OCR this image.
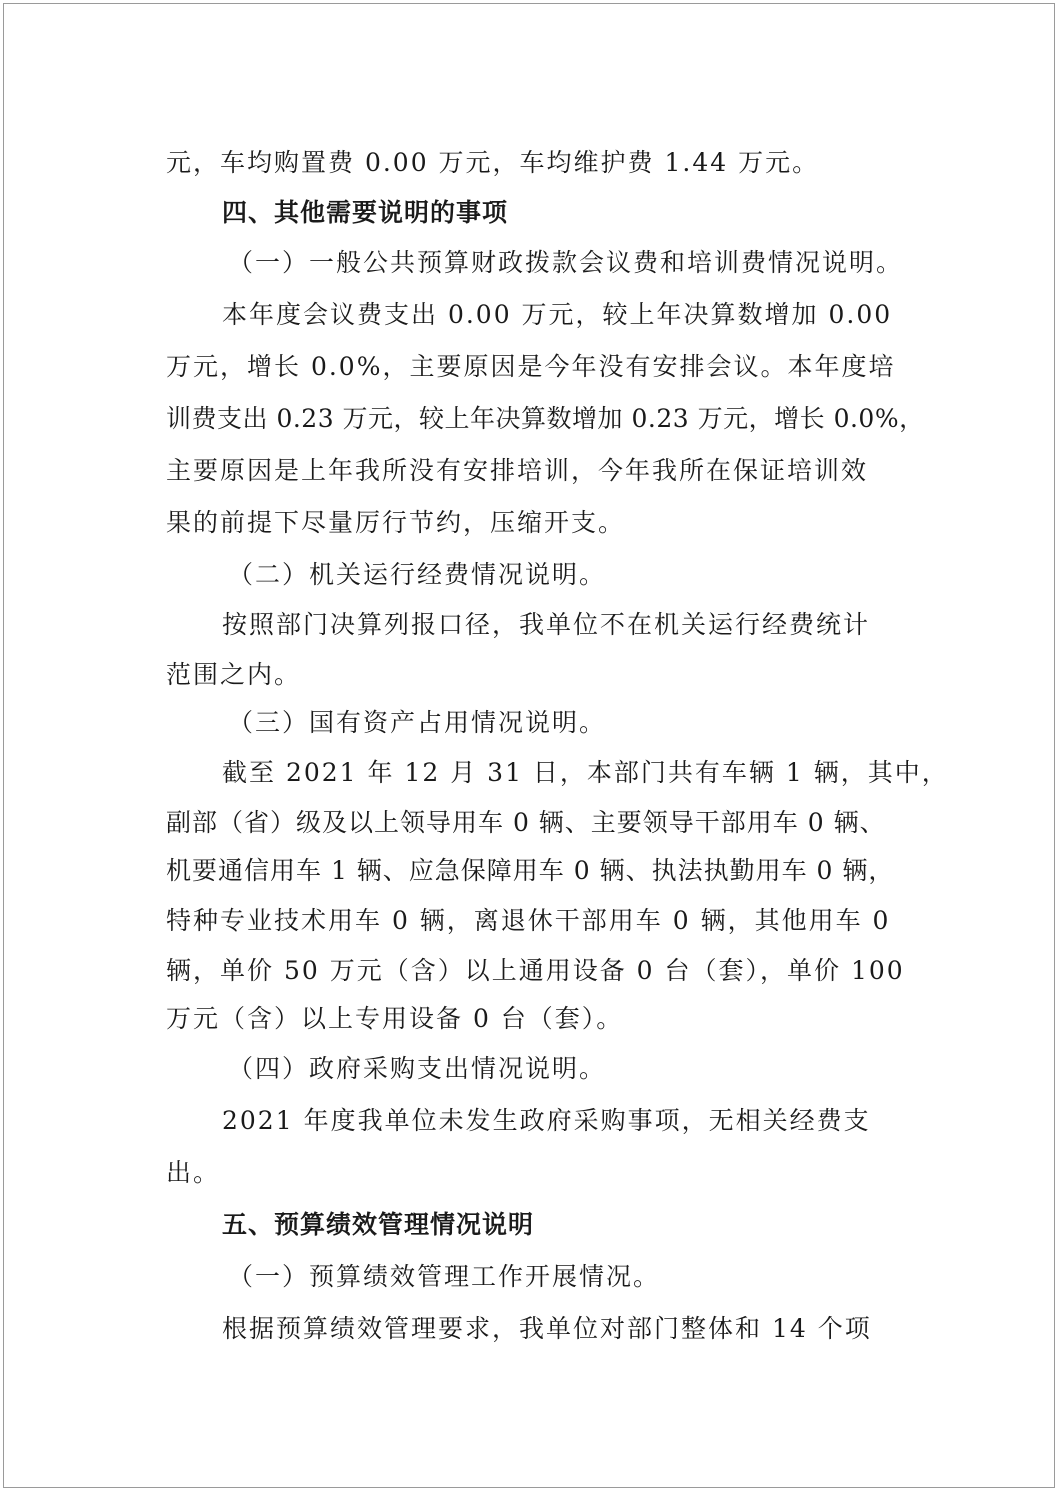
元，车均购置费 0.00 万元，车均维护费 1.44 万元。
四、其他需要说明的事项
（一）一般公共预算财政拨款会议费和培训费情况说明。
本年度会议费支出 0.00 万元，较上年决算数增加 0.00
万元，增长 0.0%，主要原因是今年没有安排会议。本年度培
训费支出 0.23 万元，较上年决算数增加 0.23 万元，增长 0.0%，
主要原因是上年我所没有安排培训，今年我所在保证培训效
果的前提下尽量厉行节约，压缩开支。
（二）机关运行经费情况说明。
按照部门决算列报口径，我单位不在机关运行经费统计
范围之内。
（三）国有资产占用情况说明。
截至 2021 年 12 月 31 日，本部门共有车辆 1 辆，其中，
副部（省）级及以上领导用车 0 辆、主要领导干部用车 0 辆、
机要通信用车 1 辆、应急保障用车 0 辆、执法执勤用车 0 辆，
特种专业技术用车 0 辆，离退休干部用车 0 辆，其他用车 0
辆，单价 50 万元（含）以上通用设备 0 台（套），单价 100
万元（含）以上专用设备 0 台（套）。
（四）政府采购支出情况说明。
2021 年度我单位未发生政府采购事项，无相关经费支
出。
五、预算绩效管理情况说明
（一）预算绩效管理工作开展情况。
根据预算绩效管理要求，我单位对部门整体和 14 个项
